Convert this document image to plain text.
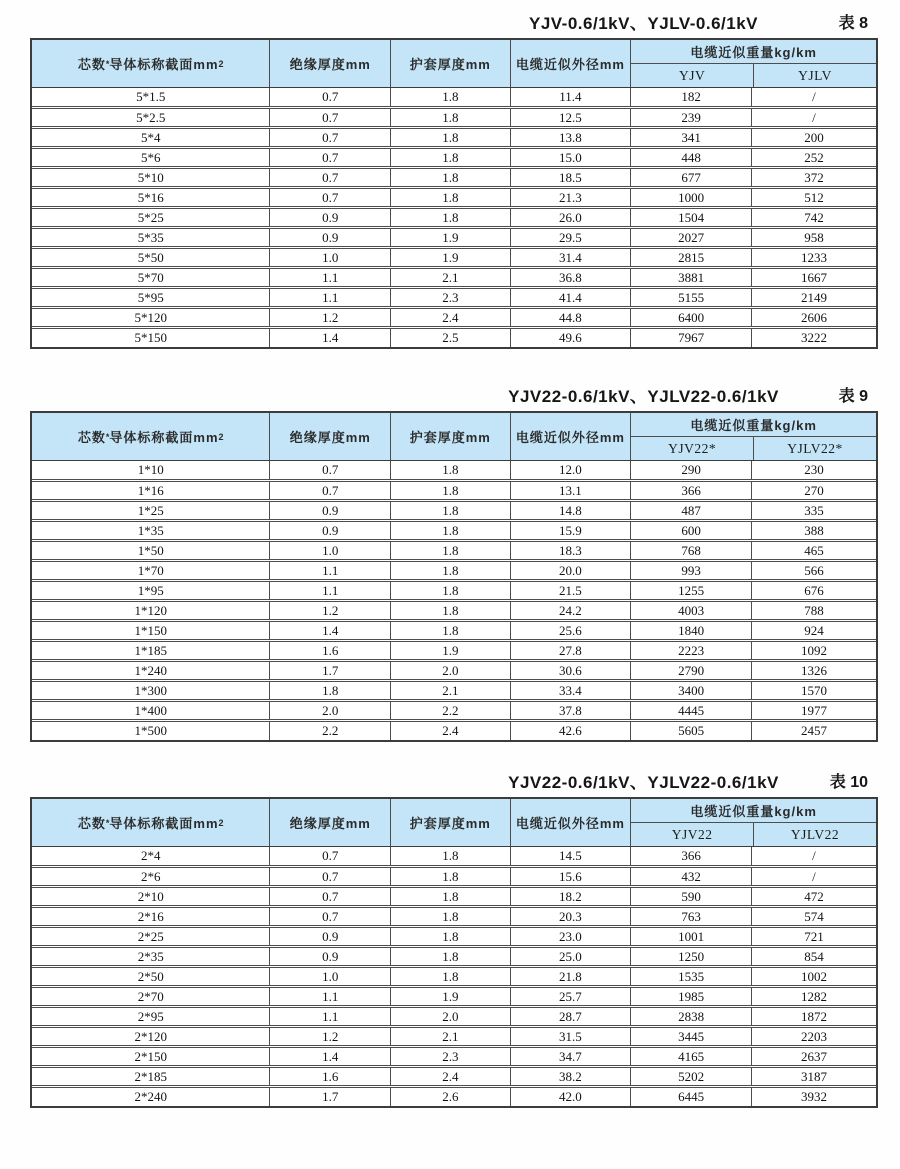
YJV-0.6/1kV、YJLV-0.6/1kV	表 8
芯数 * 导体标称截面mm 2	绝缘厚度mm	护套厚度mm	电缆近似外径mm
电缆近似重量kg/km
YJV	YJLV
5*1.5	0.7	1.8	11.4	182	/
5*2.5	0.7	1.8	12.5	239	/
5*4	0.7	1.8	13.8	341	200
5*6	0.7	1.8	15.0	448	252
5*10	0.7	1.8	18.5	677	372
5*16	0.7	1.8	21.3	1000	512
5*25	0.9	1.8	26.0	1504	742
5*35	0.9	1.9	29.5	2027	958
5*50	1.0	1.9	31.4	2815	1233
5*70	1.1	2.1	36.8	3881	1667
5*95	1.1	2.3	41.4	5155	2149
5*120	1.2	2.4	44.8	6400	2606
5*150	1.4	2.5	49.6	7967	3222
YJV22-0.6/1kV、YJLV22-0.6/1kV	表 9
芯数 * 导体标称截面mm 2	绝缘厚度mm	护套厚度mm	电缆近似外径mm
电缆近似重量kg/km
YJV22*	YJLV22*
1*10	0.7	1.8	12.0	290	230
1*16	0.7	1.8	13.1	366	270
1*25	0.9	1.8	14.8	487	335
1*35	0.9	1.8	15.9	600	388
1*50	1.0	1.8	18.3	768	465
1*70	1.1	1.8	20.0	993	566
1*95	1.1	1.8	21.5	1255	676
1*120	1.2	1.8	24.2	4003	788
1*150	1.4	1.8	25.6	1840	924
1*185	1.6	1.9	27.8	2223	1092
1*240	1.7	2.0	30.6	2790	1326
1*300	1.8	2.1	33.4	3400	1570
1*400	2.0	2.2	37.8	4445	1977
1*500	2.2	2.4	42.6	5605	2457
YJV22-0.6/1kV、YJLV22-0.6/1kV	表 10
芯数 * 导体标称截面mm 2	绝缘厚度mm	护套厚度mm	电缆近似外径mm
电缆近似重量kg/km
YJV22	YJLV22
2*4	0.7	1.8	14.5	366	/
2*6	0.7	1.8	15.6	432	/
2*10	0.7	1.8	18.2	590	472
2*16	0.7	1.8	20.3	763	574
2*25	0.9	1.8	23.0	1001	721
2*35	0.9	1.8	25.0	1250	854
2*50	1.0	1.8	21.8	1535	1002
2*70	1.1	1.9	25.7	1985	1282
2*95	1.1	2.0	28.7	2838	1872
2*120	1.2	2.1	31.5	3445	2203
2*150	1.4	2.3	34.7	4165	2637
2*185	1.6	2.4	38.2	5202	3187
2*240	1.7	2.6	42.0	6445	3932
